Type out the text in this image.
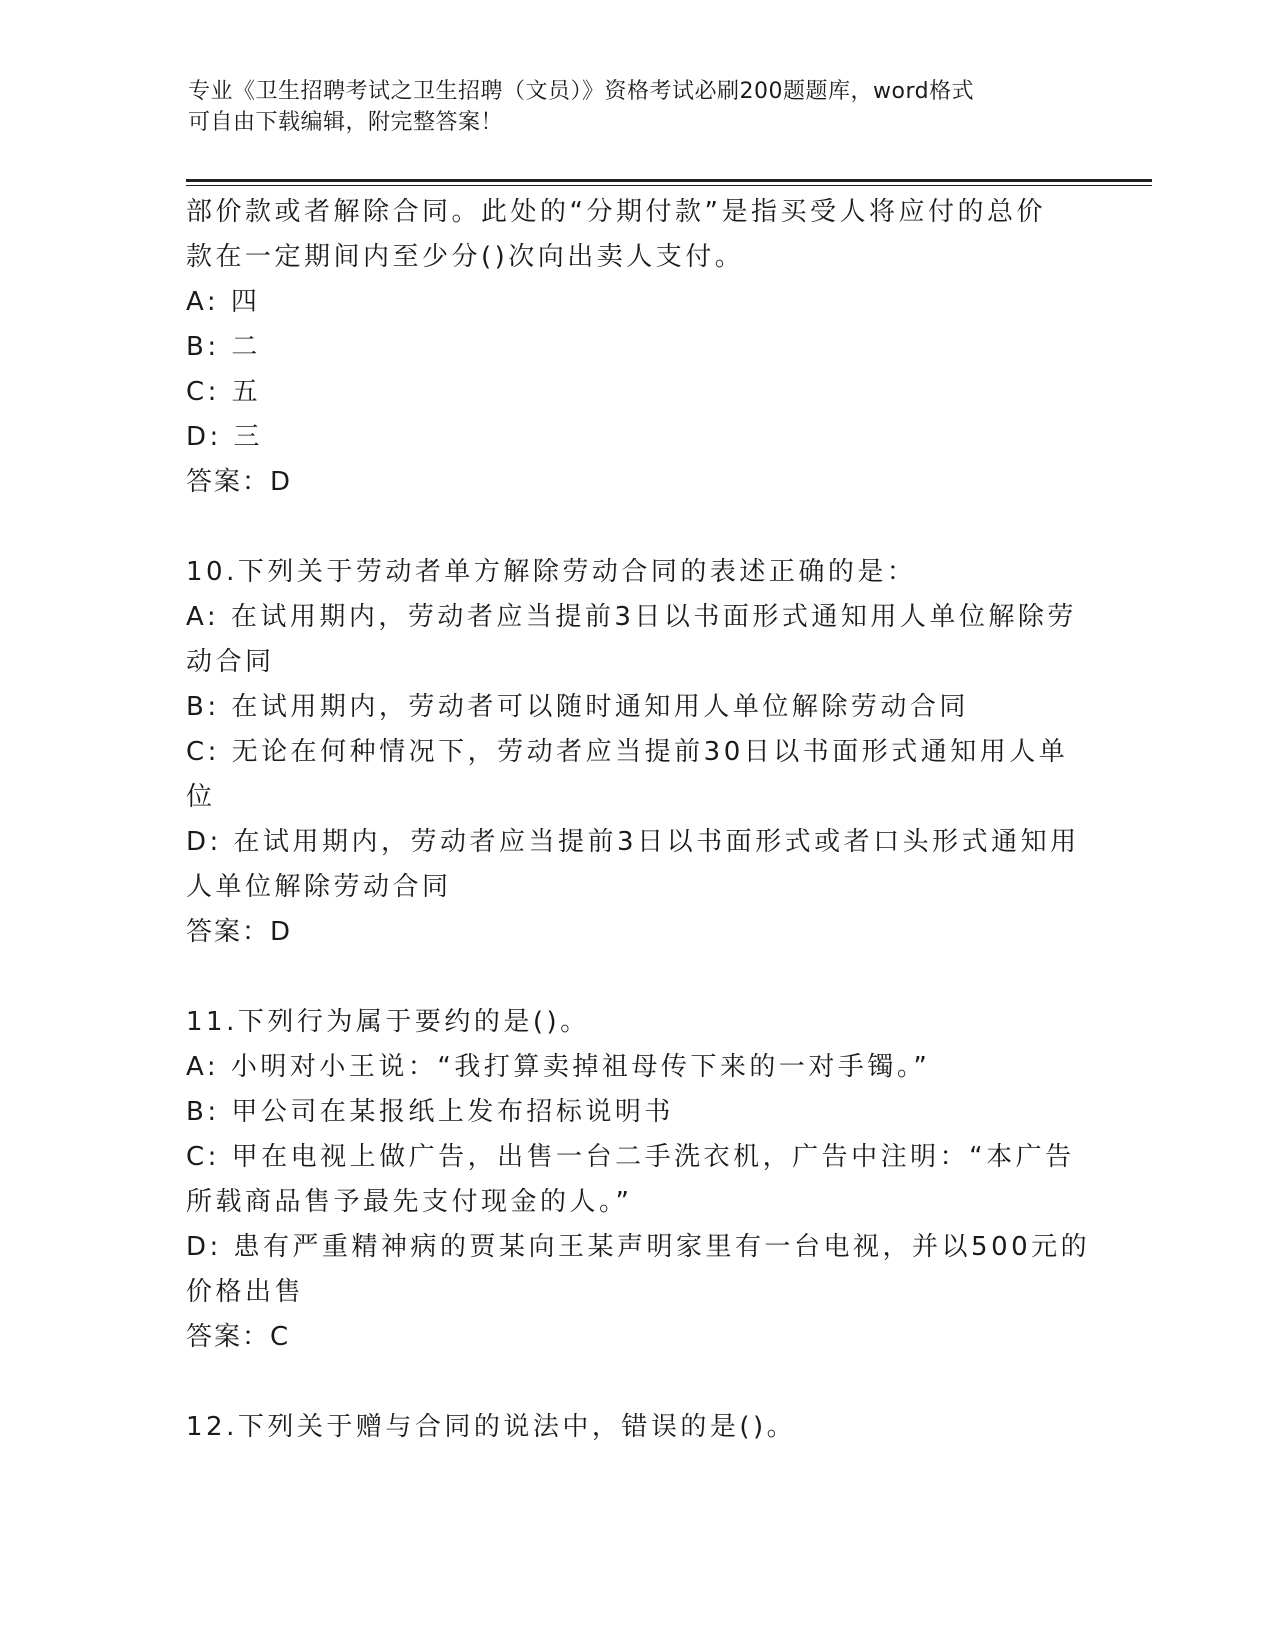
专业《卫生招聘考试之卫生招聘（文员）》资格考试必刷200题题库，word格式
可自由下载编辑，附完整答案！
部价款或者解除合同。此处的“分期付款”是指买受人将应付的总价
款在一定期间内至少分()次向出卖人支付。
A: 四
B: 二
C: 五
D: 三
答案：D
10.下列关于劳动者单方解除劳动合同的表述正确的是：
A: 在试用期内，劳动者应当提前3日以书面形式通知用人单位解除劳
动合同
B: 在试用期内，劳动者可以随时通知用人单位解除劳动合同
C: 无论在何种情况下，劳动者应当提前30日以书面形式通知用人单
位
D: 在试用期内，劳动者应当提前3日以书面形式或者口头形式通知用
人单位解除劳动合同
答案：D
11.下列行为属于要约的是()。
A: 小明对小王说：“我打算卖掉祖母传下来的一对手镯。”
B: 甲公司在某报纸上发布招标说明书
C: 甲在电视上做广告，出售一台二手洗衣机，广告中注明：“本广告
所载商品售予最先支付现金的人。”
D: 患有严重精神病的贾某向王某声明家里有一台电视，并以500元的
价格出售
答案：C
12.下列关于赠与合同的说法中，错误的是()。
